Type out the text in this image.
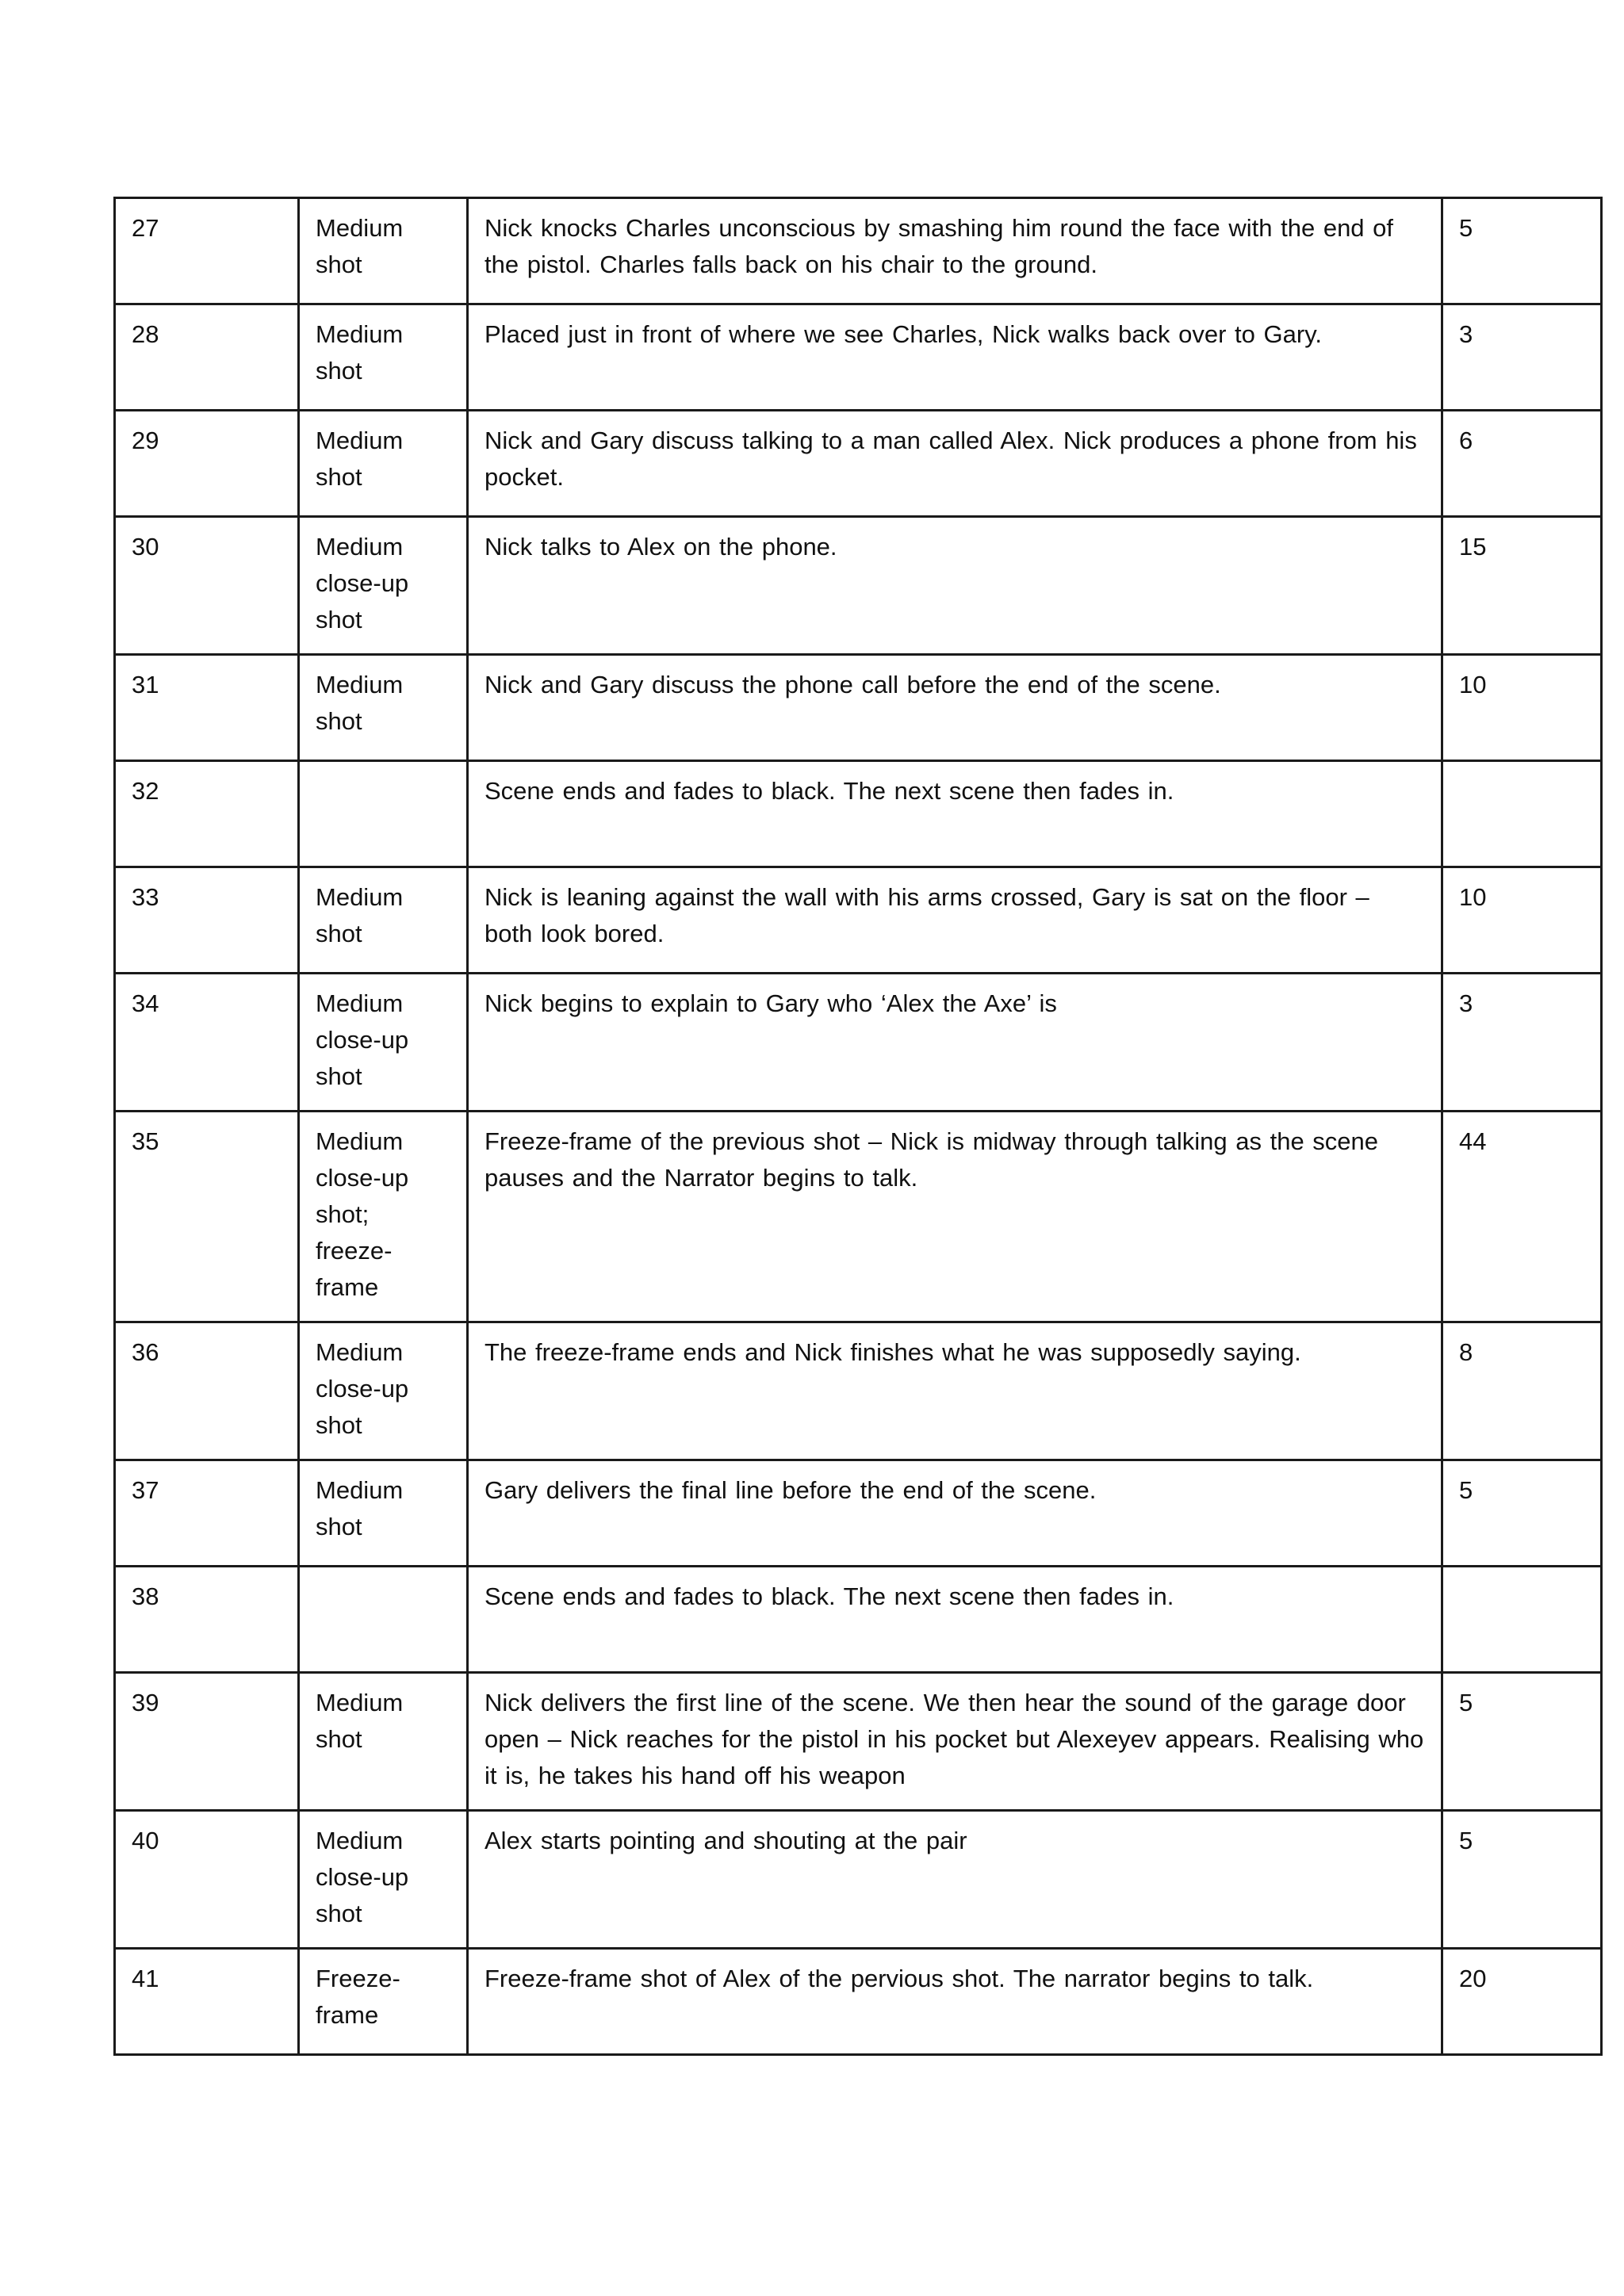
27	Medium shot	Nick knocks Charles unconscious by smashing him round the face with the end of the pistol. Charles falls back on his chair to the ground.	5
28	Medium shot	Placed just in front of where we see Charles, Nick walks back over to Gary.	3
29	Medium shot	Nick and Gary discuss talking to a man called Alex. Nick produces a phone from his pocket.	6
30	Medium close-up shot	Nick talks to Alex on the phone.	15
31	Medium shot	Nick and Gary discuss the phone call before the end of the scene.	10
32		Scene ends and fades to black. The next scene then fades in.	
33	Medium shot	Nick is leaning against the wall with his arms crossed, Gary is sat on the floor – both look bored.	10
34	Medium close-up shot	Nick begins to explain to Gary who ‘Alex the Axe’ is	3
35	Medium close-up shot; freeze-frame	Freeze-frame of the previous shot – Nick is midway through talking as the scene pauses and the Narrator begins to talk.	44
36	Medium close-up shot	The freeze-frame ends and Nick finishes what he was supposedly saying.	8
37	Medium shot	Gary delivers the final line before the end of the scene.	5
38		Scene ends and fades to black. The next scene then fades in.	
39	Medium shot	Nick delivers the first line of the scene. We then hear the sound of the garage door open – Nick reaches for the pistol in his pocket but Alexeyev appears. Realising who it is, he takes his hand off his weapon	5
40	Medium close-up shot	Alex starts pointing and shouting at the pair	5
41	Freeze-frame	Freeze-frame shot of Alex of the pervious shot. The narrator begins to talk.	20
